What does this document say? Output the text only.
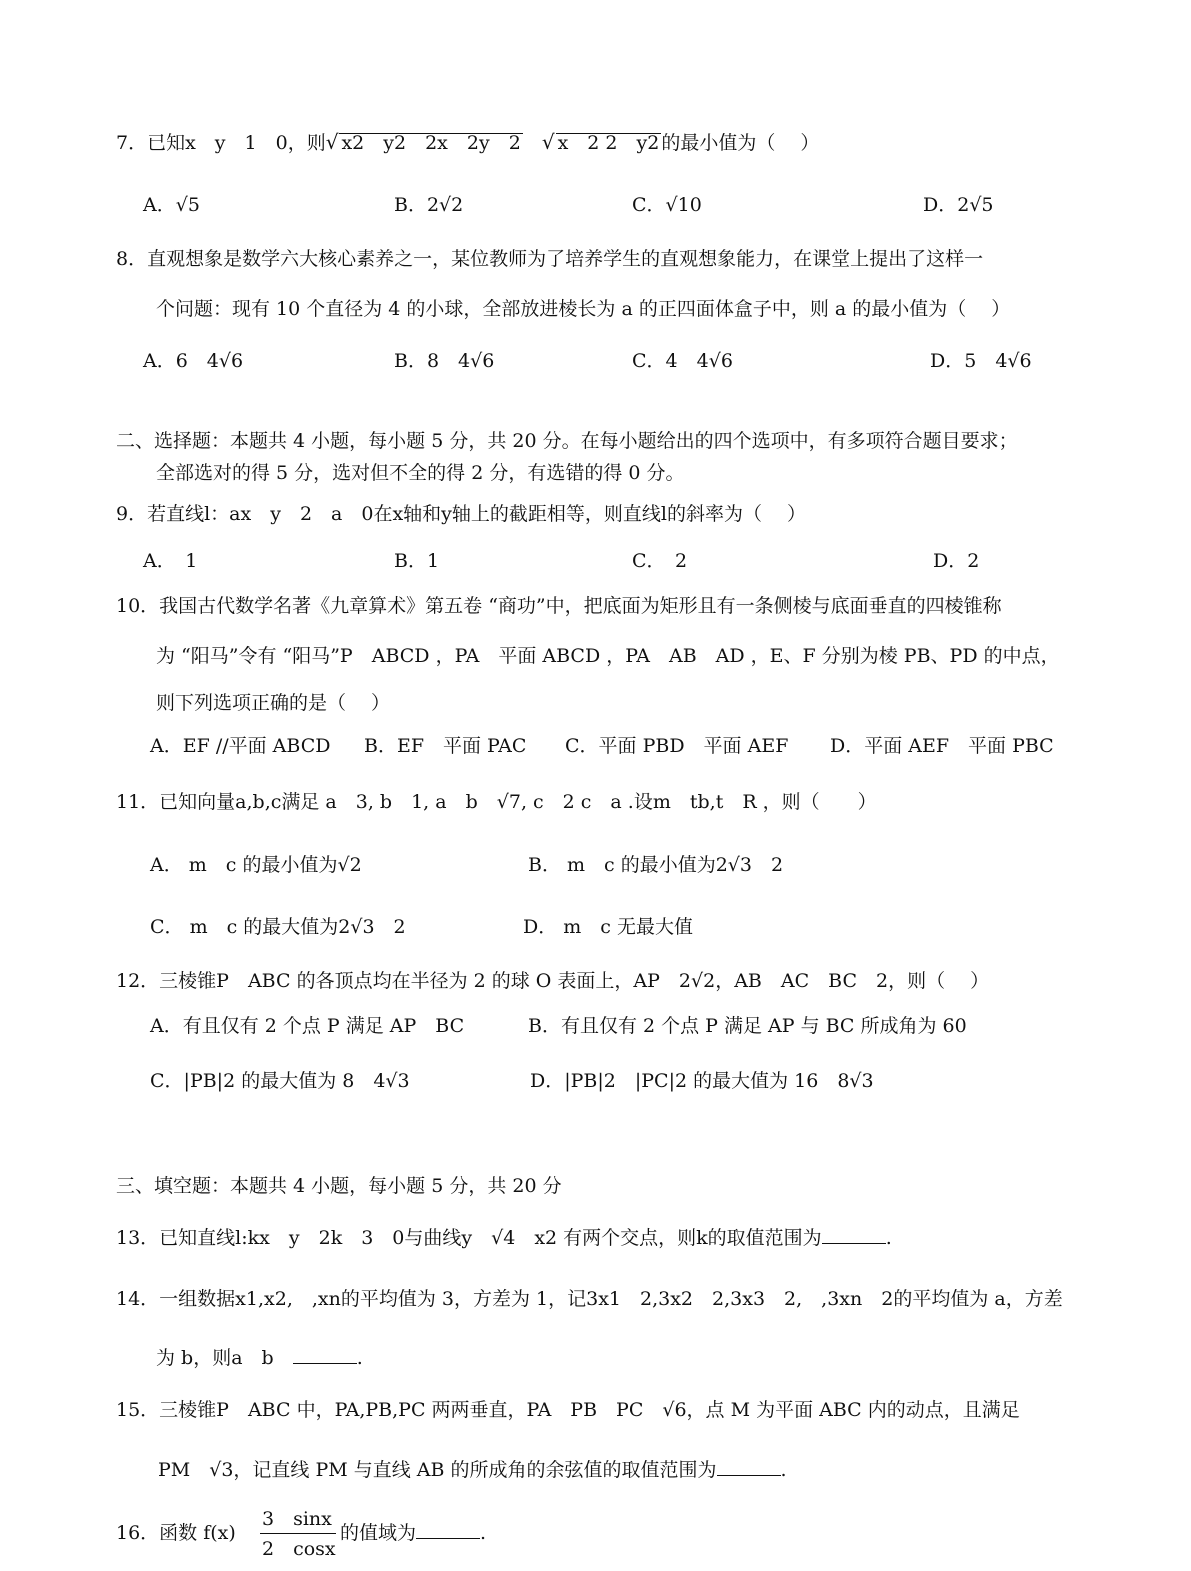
7．已知x　y　1　0，则√ x2　y2　2x　2y　2　 √ x　2 2　y2 的最小值为（　 ）
A．√5	B．2√2	C．√10	D．2√5
8．直观想象是数学六大核心素养之一，某位教师为了培养学生的直观想象能力，在课堂上提出了这样一
个问题：现有 10 个直径为 4 的小球，全部放进棱长为 a 的正四面体盒子中，则 a 的最小值为（　 ）
A．6　4√6	B．8　4√6	C．4　4√6	D．5　4√6
二、选择题：本题共 4 小题，每小题 5 分，共 20 分。在每小题给出的四个选项中，有多项符合题目要求；
全部选对的得 5 分，选对但不全的得 2 分，有选错的得 0 分。
9．若直线l：ax　y　2　a　0在x轴和y轴上的截距相等，则直线l的斜率为（　 ）
A．　1	B．1	C．　2	D．2
10．我国古代数学名著《九章算术》第五卷 “商功”中，把底面为矩形且有一条侧棱与底面垂直的四棱锥称
为 “阳马”令有 “阳马”P　ABCD ，PA　平面 ABCD ，PA　AB　AD ，E、F 分别为棱 PB、PD 的中点，
则下列选项正确的是（　 ）
A．EF //平面 ABCD B．EF　平面 PAC C．平面 PBD　平面 AEF D．平面 AEF　平面 PBC
11．已知向量a,b,c满足 a　3, b　1, a　b　√7, c　2 c　a .设m　tb,t　R ，则（　　）
A． m　c 的最小值为√2	B． m　c 的最小值为2√3　2
C． m　c 的最大值为2√3　2	D． m　c 无最大值
12．三棱锥P　ABC 的各顶点均在半径为 2 的球 O 表面上，AP　2√2，AB　AC　BC　2，则（　 ）
A．有且仅有 2 个点 P 满足 AP　BC	B．有且仅有 2 个点 P 满足 AP 与 BC 所成角为 60
C．|PB|2 的最大值为 8　4√3	D．|PB|2　|PC|2 的最大值为 16　8√3
三、填空题：本题共 4 小题，每小题 5 分，共 20 分
13．已知直线l:kx　y　2k　3　0与曲线y　√4　x2 有两个交点，则k的取值范围为	.
14．一组数据x1,x2,　,xn的平均值为 3，方差为 1，记3x1　2,3x2　2,3x3　2,　,3xn　2的平均值为 a，方差
为 b，则a　b　	.
15．三棱锥P　ABC 中，PA,PB,PC 两两垂直，PA　PB　PC　√6，点 M 为平面 ABC 内的动点，且满足
PM　√3，记直线 PM 与直线 AB 的所成角的余弦值的取值范围为	.
16．函数 f(x)
3　sinx
2　cosx
的值域为	.
